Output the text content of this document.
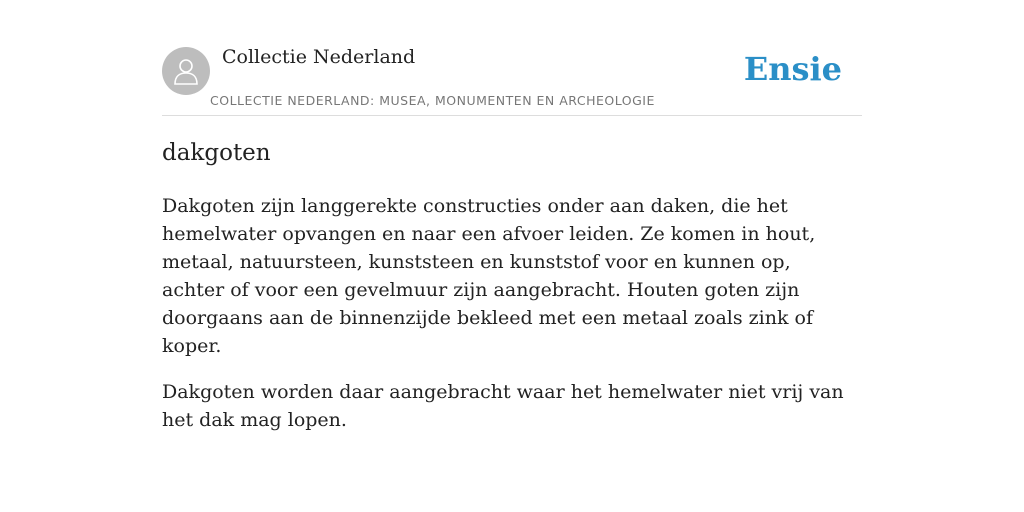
Collectie Nederland
COLLECTIE NEDERLAND: MUSEA, MONUMENTEN EN ARCHEOLOGIE
Ensie
dakgoten

Dakgoten zijn langgerekte constructies onder aan daken, die het hemelwater opvangen en naar een afvoer leiden. Ze komen in hout, metaal, natuursteen, kunststeen en kunststof voor en kunnen op, achter of voor een gevelmuur zijn aangebracht. Houten goten zijn doorgaans aan de binnenzijde bekleed met een metaal zoals zink of koper.

Dakgoten worden daar aangebracht waar het hemelwater niet vrij van het dak mag lopen.
